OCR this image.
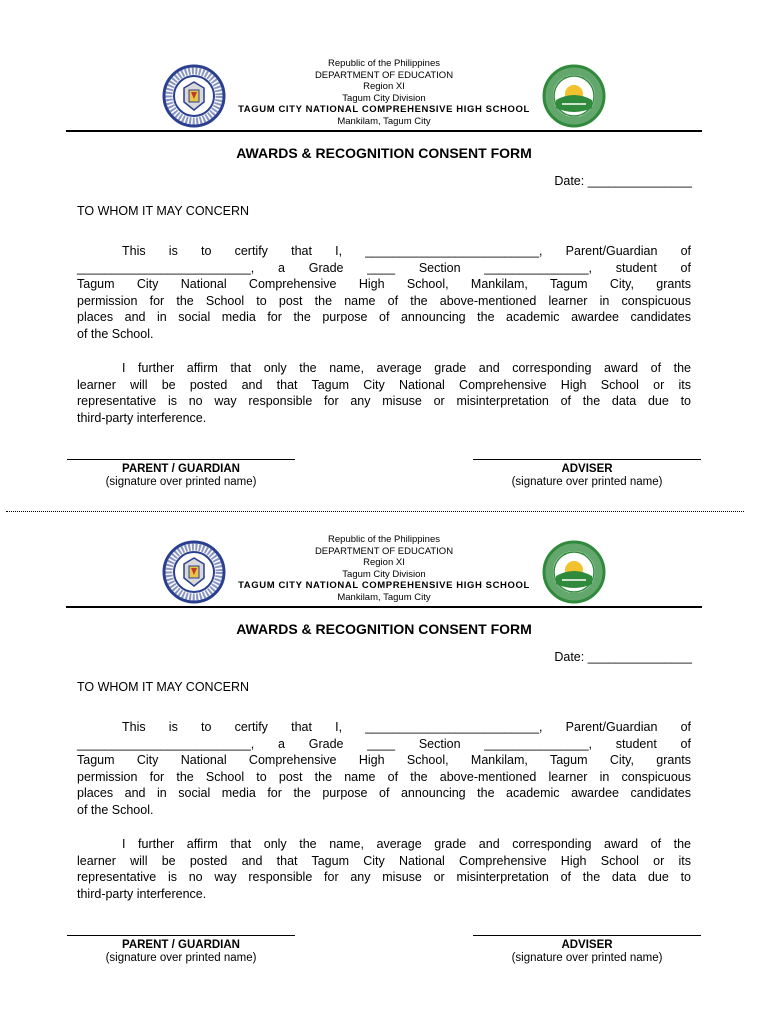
Republic of the Philippines
DEPARTMENT OF EDUCATION
Region XI
Tagum City Division
TAGUM CITY NATIONAL COMPREHENSIVE HIGH SCHOOL
Mankilam, Tagum City
AWARDS & RECOGNITION CONSENT FORM
Date: _______________
TO WHOM IT MAY CONCERN
This is to certify that I, _________________________, Parent/Guardian of
_________________________, a Grade ____ Section _______________, student of
Tagum City National Comprehensive High School, Mankilam, Tagum City, grants
permission for the School to post the name of the above-mentioned learner in conspicuous
places and in social media for the purpose of announcing the academic awardee candidates
of the School.
I further affirm that only the name, average grade and corresponding award of the
learner will be posted and that Tagum City National Comprehensive High School or its
representative is no way responsible for any misuse or misinterpretation of the data due to
third-party interference.
PARENT / GUARDIAN
(signature over printed name)
ADVISER
(signature over printed name)
Republic of the Philippines
DEPARTMENT OF EDUCATION
Region XI
Tagum City Division
TAGUM CITY NATIONAL COMPREHENSIVE HIGH SCHOOL
Mankilam, Tagum City
AWARDS & RECOGNITION CONSENT FORM
Date: _______________
TO WHOM IT MAY CONCERN
This is to certify that I, _________________________, Parent/Guardian of
_________________________, a Grade ____ Section _______________, student of
Tagum City National Comprehensive High School, Mankilam, Tagum City, grants
permission for the School to post the name of the above-mentioned learner in conspicuous
places and in social media for the purpose of announcing the academic awardee candidates
of the School.
I further affirm that only the name, average grade and corresponding award of the
learner will be posted and that Tagum City National Comprehensive High School or its
representative is no way responsible for any misuse or misinterpretation of the data due to
third-party interference.
PARENT / GUARDIAN
(signature over printed name)
ADVISER
(signature over printed name)
